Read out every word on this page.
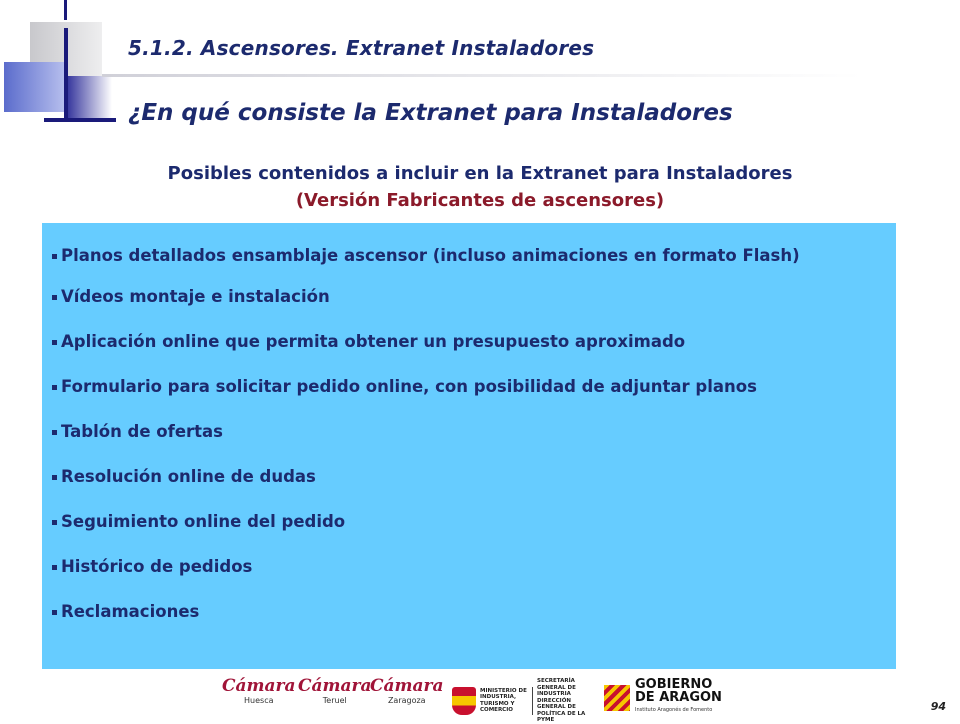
5.1.2. Ascensores. Extranet Instaladores
¿En qué consiste la Extranet para Instaladores
Posibles contenidos a incluir en la Extranet para Instaladores
(Versión Fabricantes de ascensores)
Planos detallados ensamblaje ascensor (incluso animaciones en formato Flash)
Vídeos montaje e instalación
Aplicación online que permita obtener un presupuesto aproximado
Formulario para solicitar pedido online, con posibilidad de adjuntar planos
Tablón de ofertas
Resolución online de dudas
Seguimiento online del pedido
Histórico de pedidos
Reclamaciones
Cámara
Huesca
Cámara
Teruel
Cámara
Zaragoza
MINISTERIO DE INDUSTRIA, TURISMO Y COMERCIO
SECRETARÍA GENERAL DE INDUSTRIA DIRECCIÓN GENERAL DE POLÍTICA DE LA PYME
GOBIERNO
DE ARAGON
Instituto Aragonés de Fomento	94
